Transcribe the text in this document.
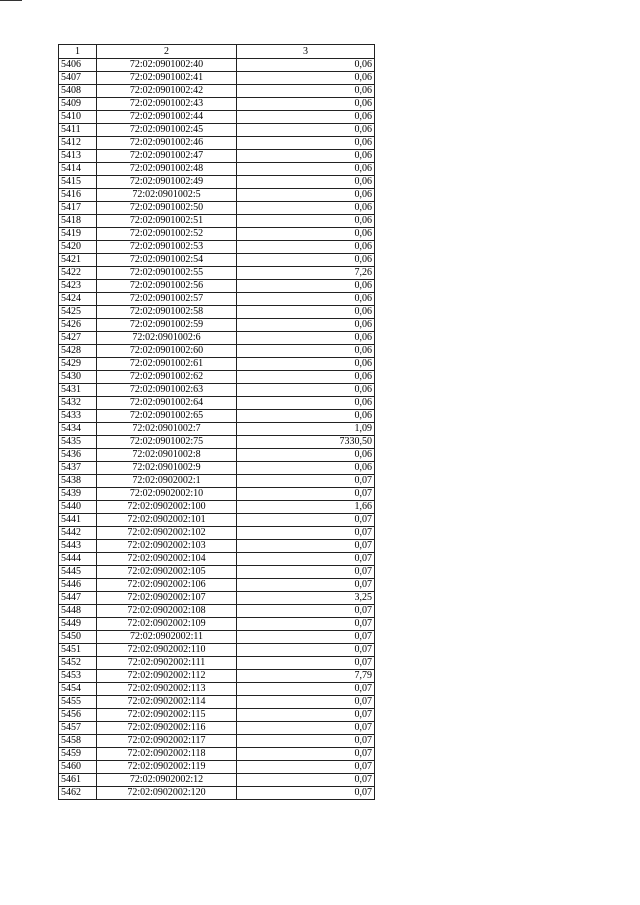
1	2	3
5406	72:02:0901002:40	0,06
5407	72:02:0901002:41	0,06
5408	72:02:0901002:42	0,06
5409	72:02:0901002:43	0,06
5410	72:02:0901002:44	0,06
5411	72:02:0901002:45	0,06
5412	72:02:0901002:46	0,06
5413	72:02:0901002:47	0,06
5414	72:02:0901002:48	0,06
5415	72:02:0901002:49	0,06
5416	72:02:0901002:5	0,06
5417	72:02:0901002:50	0,06
5418	72:02:0901002:51	0,06
5419	72:02:0901002:52	0,06
5420	72:02:0901002:53	0,06
5421	72:02:0901002:54	0,06
5422	72:02:0901002:55	7,26
5423	72:02:0901002:56	0,06
5424	72:02:0901002:57	0,06
5425	72:02:0901002:58	0,06
5426	72:02:0901002:59	0,06
5427	72:02:0901002:6	0,06
5428	72:02:0901002:60	0,06
5429	72:02:0901002:61	0,06
5430	72:02:0901002:62	0,06
5431	72:02:0901002:63	0,06
5432	72:02:0901002:64	0,06
5433	72:02:0901002:65	0,06
5434	72:02:0901002:7	1,09
5435	72:02:0901002:75	7330,50
5436	72:02:0901002:8	0,06
5437	72:02:0901002:9	0,06
5438	72:02:0902002:1	0,07
5439	72:02:0902002:10	0,07
5440	72:02:0902002:100	1,66
5441	72:02:0902002:101	0,07
5442	72:02:0902002:102	0,07
5443	72:02:0902002:103	0,07
5444	72:02:0902002:104	0,07
5445	72:02:0902002:105	0,07
5446	72:02:0902002:106	0,07
5447	72:02:0902002:107	3,25
5448	72:02:0902002:108	0,07
5449	72:02:0902002:109	0,07
5450	72:02:0902002:11	0,07
5451	72:02:0902002:110	0,07
5452	72:02:0902002:111	0,07
5453	72:02:0902002:112	7,79
5454	72:02:0902002:113	0,07
5455	72:02:0902002:114	0,07
5456	72:02:0902002:115	0,07
5457	72:02:0902002:116	0,07
5458	72:02:0902002:117	0,07
5459	72:02:0902002:118	0,07
5460	72:02:0902002:119	0,07
5461	72:02:0902002:12	0,07
5462	72:02:0902002:120	0,07
